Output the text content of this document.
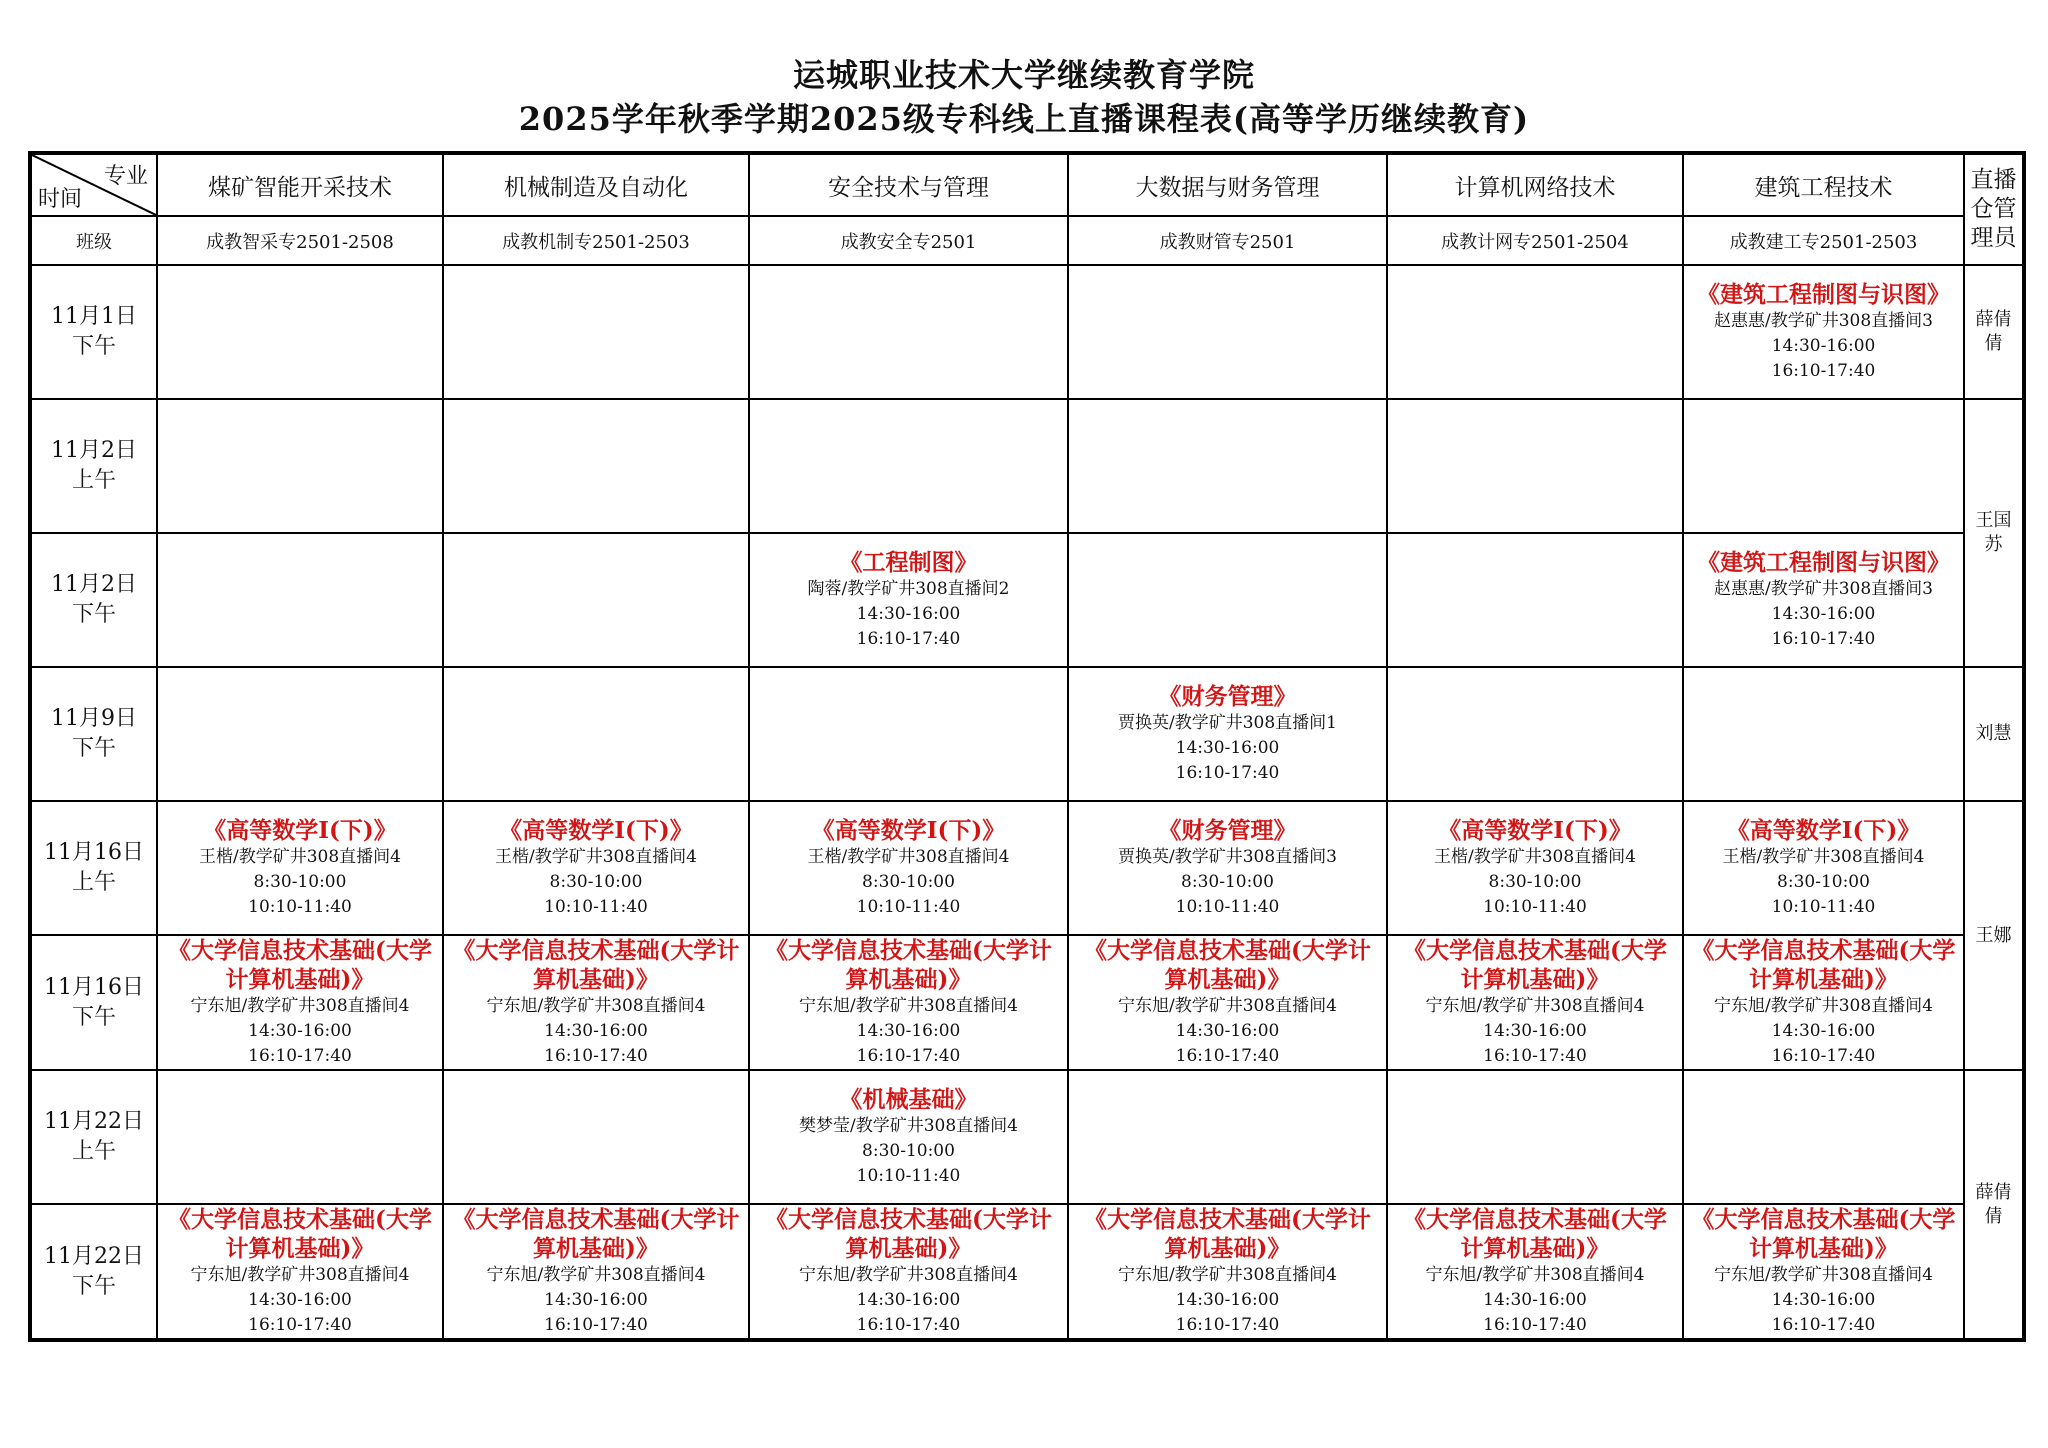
运城职业技术大学继续教育学院
2025学年秋季学期2025级专科线上直播课程表(高等学历继续教育)
专业
时间	煤矿智能开采技术	机械制造及自动化	安全技术与管理	大数据与财务管理	计算机网络技术	建筑工程技术	直播仓管理员

班级	成教智采专2501-2508	成教机制专2501-2503	成教安全专2501	成教财管专2501	成教计网专2501-2504	成教建工专2501-2503	

11月1日
下午						《建筑工程制图与识图》
赵惠惠/教学矿井308直播间3
14:30-16:00
16:10-17:40	薛倩倩

11月2日
上午							王国苏

11月2日
下午			《工程制图》
陶蓉/教学矿井308直播间2
14:30-16:00
16:10-17:40			《建筑工程制图与识图》
赵惠惠/教学矿井308直播间3
14:30-16:00
16:10-17:40	

11月9日
下午				《财务管理》
贾换英/教学矿井308直播间1
14:30-16:00
16:10-17:40			刘慧

11月16日
上午	《高等数学Ⅰ(下)》
王楷/教学矿井308直播间4
8:30-10:00
10:10-11:40	《高等数学Ⅰ(下)》
王楷/教学矿井308直播间4
8:30-10:00
10:10-11:40	《高等数学Ⅰ(下)》
王楷/教学矿井308直播间4
8:30-10:00
10:10-11:40	《财务管理》
贾换英/教学矿井308直播间3
8:30-10:00
10:10-11:40	《高等数学Ⅰ(下)》
王楷/教学矿井308直播间4
8:30-10:00
10:10-11:40	《高等数学Ⅰ(下)》
王楷/教学矿井308直播间4
8:30-10:00
10:10-11:40	王娜

11月16日
下午	《大学信息技术基础(大学计算机基础)》
宁东旭/教学矿井308直播间4
14:30-16:00
16:10-17:40	《大学信息技术基础(大学计算机基础)》
宁东旭/教学矿井308直播间4
14:30-16:00
16:10-17:40	《大学信息技术基础(大学计算机基础)》
宁东旭/教学矿井308直播间4
14:30-16:00
16:10-17:40	《大学信息技术基础(大学计算机基础)》
宁东旭/教学矿井308直播间4
14:30-16:00
16:10-17:40	《大学信息技术基础(大学计算机基础)》
宁东旭/教学矿井308直播间4
14:30-16:00
16:10-17:40	《大学信息技术基础(大学计算机基础)》
宁东旭/教学矿井308直播间4
14:30-16:00
16:10-17:40	

11月22日
上午			《机械基础》
樊梦莹/教学矿井308直播间4
8:30-10:00
10:10-11:40				薛倩倩

11月22日
下午	《大学信息技术基础(大学计算机基础)》
宁东旭/教学矿井308直播间4
14:30-16:00
16:10-17:40	《大学信息技术基础(大学计算机基础)》
宁东旭/教学矿井308直播间4
14:30-16:00
16:10-17:40	《大学信息技术基础(大学计算机基础)》
宁东旭/教学矿井308直播间4
14:30-16:00
16:10-17:40	《大学信息技术基础(大学计算机基础)》
宁东旭/教学矿井308直播间4
14:30-16:00
16:10-17:40	《大学信息技术基础(大学计算机基础)》
宁东旭/教学矿井308直播间4
14:30-16:00
16:10-17:40	《大学信息技术基础(大学计算机基础)》
宁东旭/教学矿井308直播间4
14:30-16:00
16:10-17:40	
